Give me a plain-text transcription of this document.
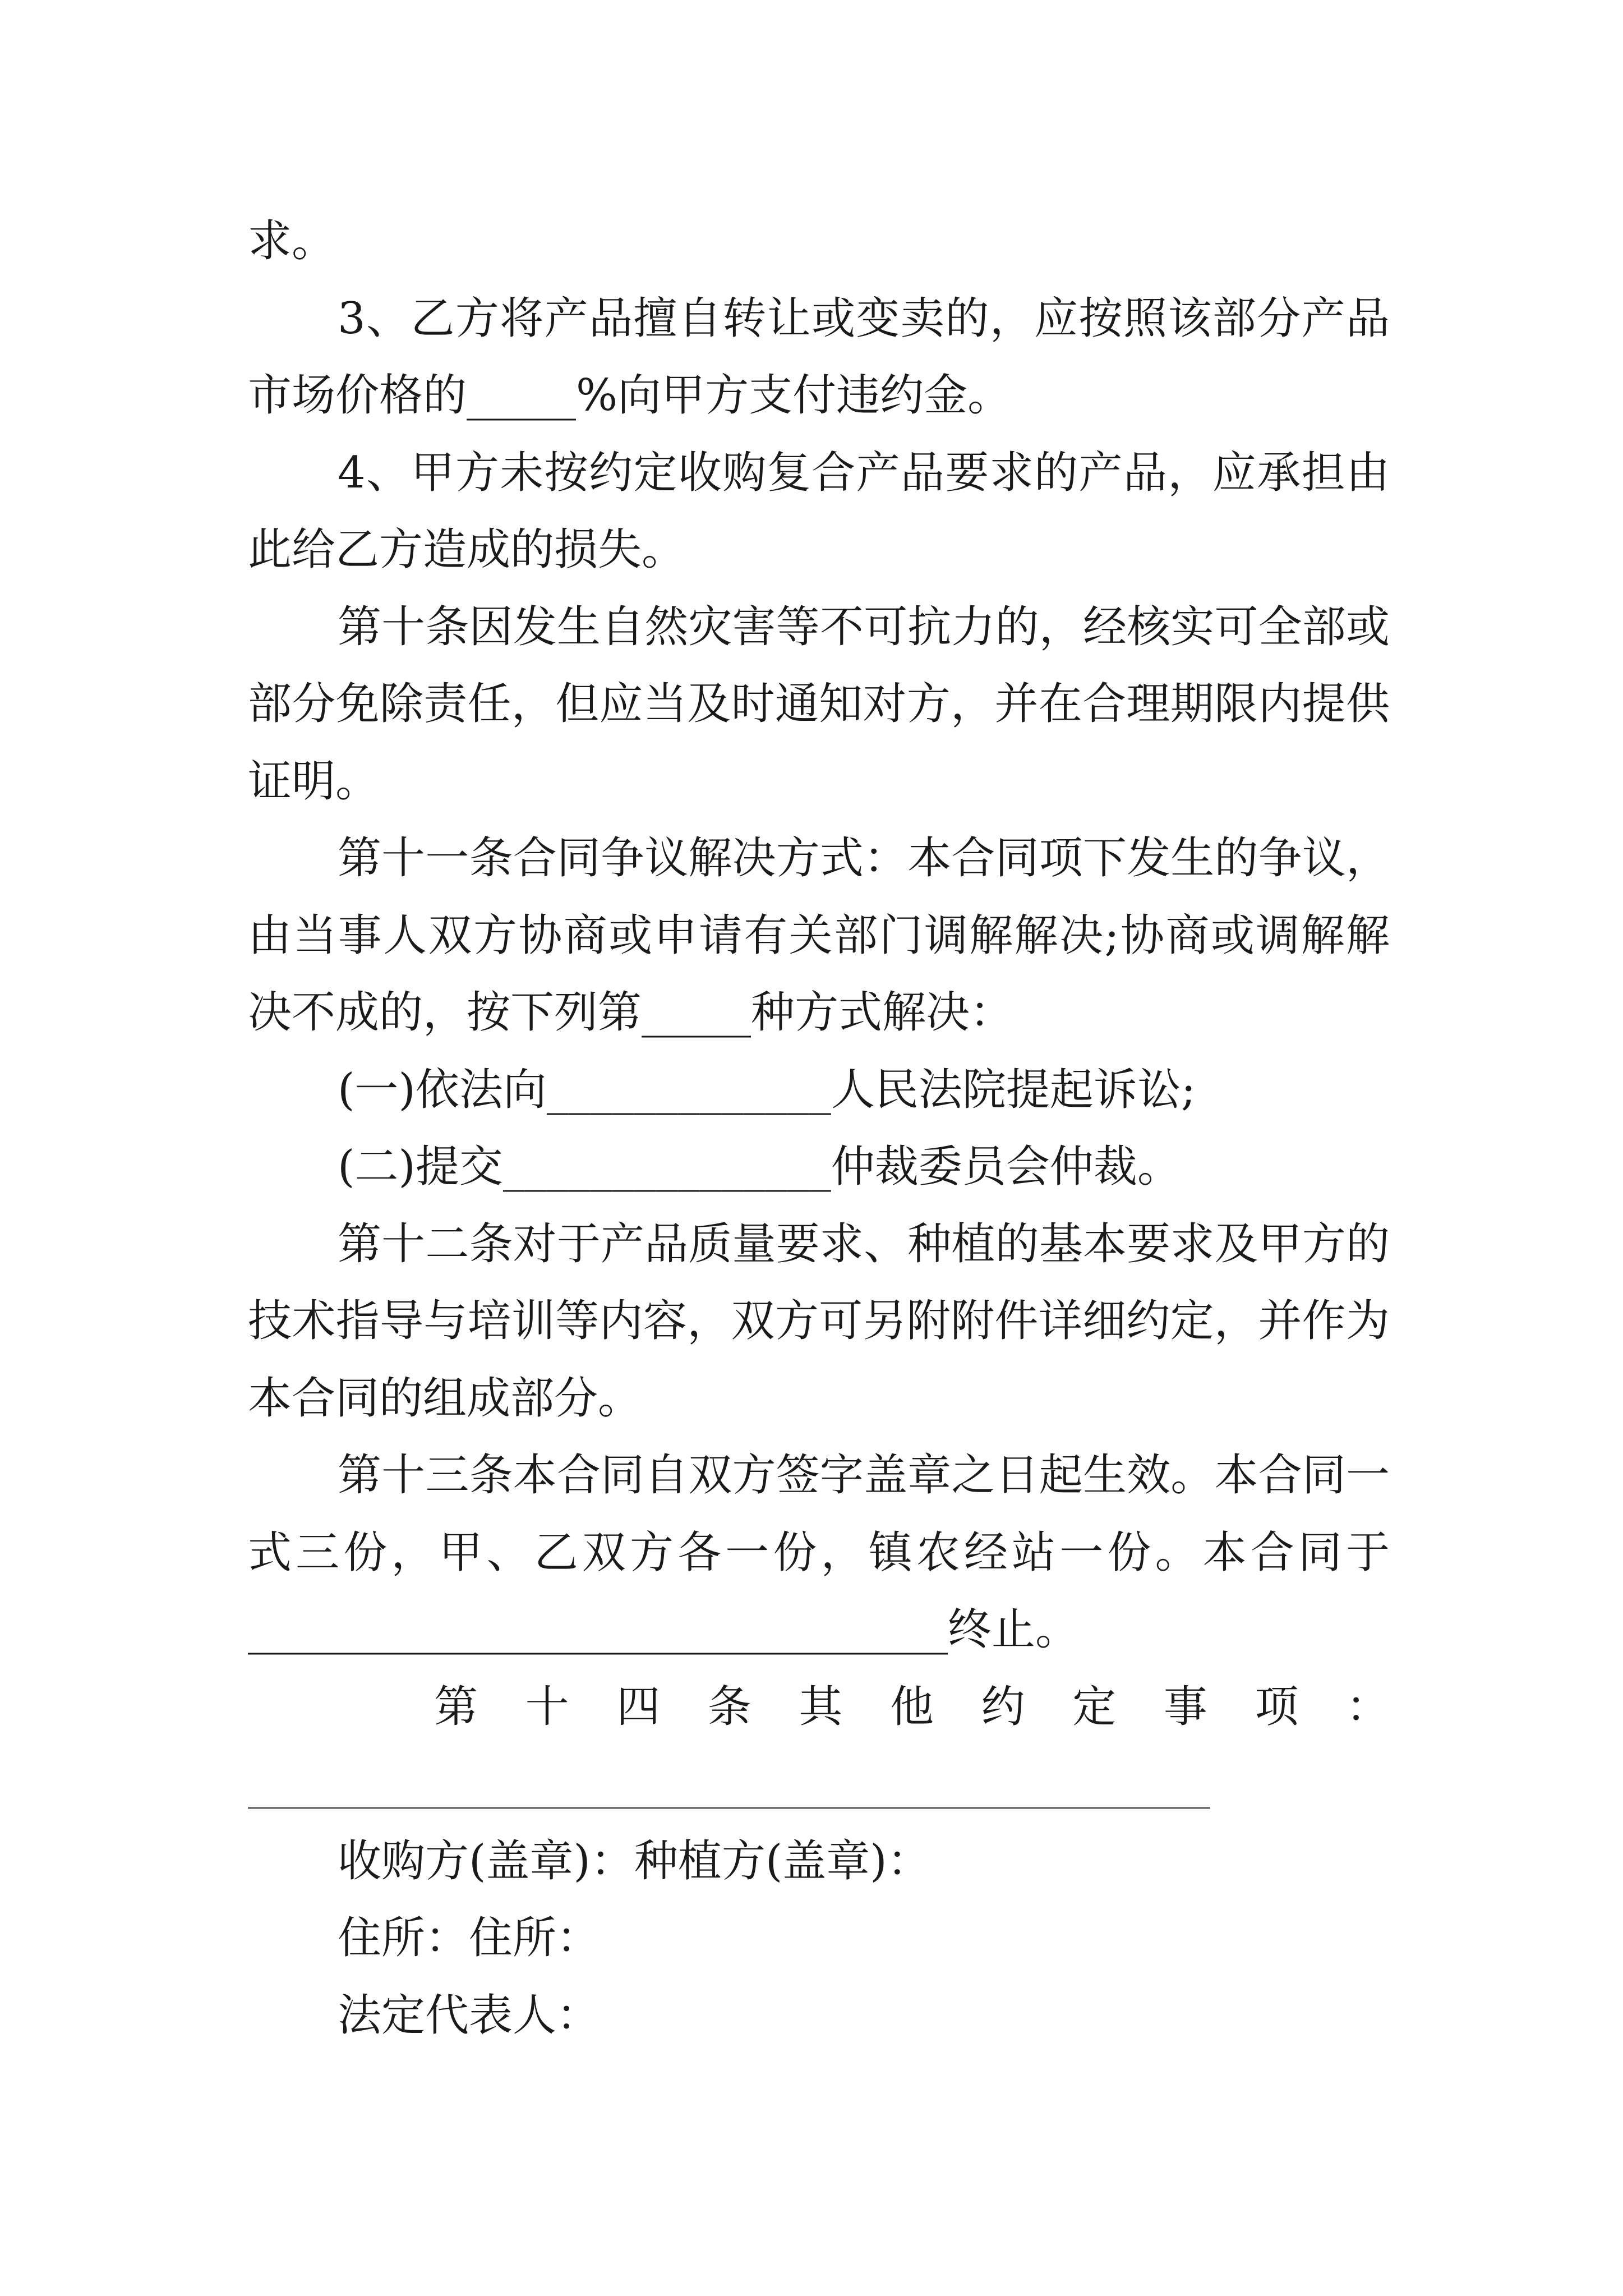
求。
3、乙方将产品擅自转让或变卖的，应按照该部分产品
市场价格的_____%向甲方支付违约金。
4、甲方未按约定收购复合产品要求的产品，应承担由
此给乙方造成的损失。
第十条因发生自然灾害等不可抗力的，经核实可全部或
部分免除责任，但应当及时通知对方，并在合理期限内提供
证明。
第十一条合同争议解决方式：本合同项下发生的争议，
由当事人双方协商或申请有关部门调解解决;协商或调解解
决不成的，按下列第_____种方式解决：
(一)依法向_____________人民法院提起诉讼;
(二)提交_______________仲裁委员会仲裁。
第十二条对于产品质量要求、种植的基本要求及甲方的
技术指导与培训等内容，双方可另附附件详细约定，并作为
本合同的组成部分。
第十三条本合同自双方签字盖章之日起生效。本合同一
式三份，甲、乙双方各一份，镇农经站一份。本合同于
________________________________终止。
第十四条其他约定事项：
____________________________________________
收购方(盖章)：种植方(盖章)：
住所：住所：
法定代表人：
